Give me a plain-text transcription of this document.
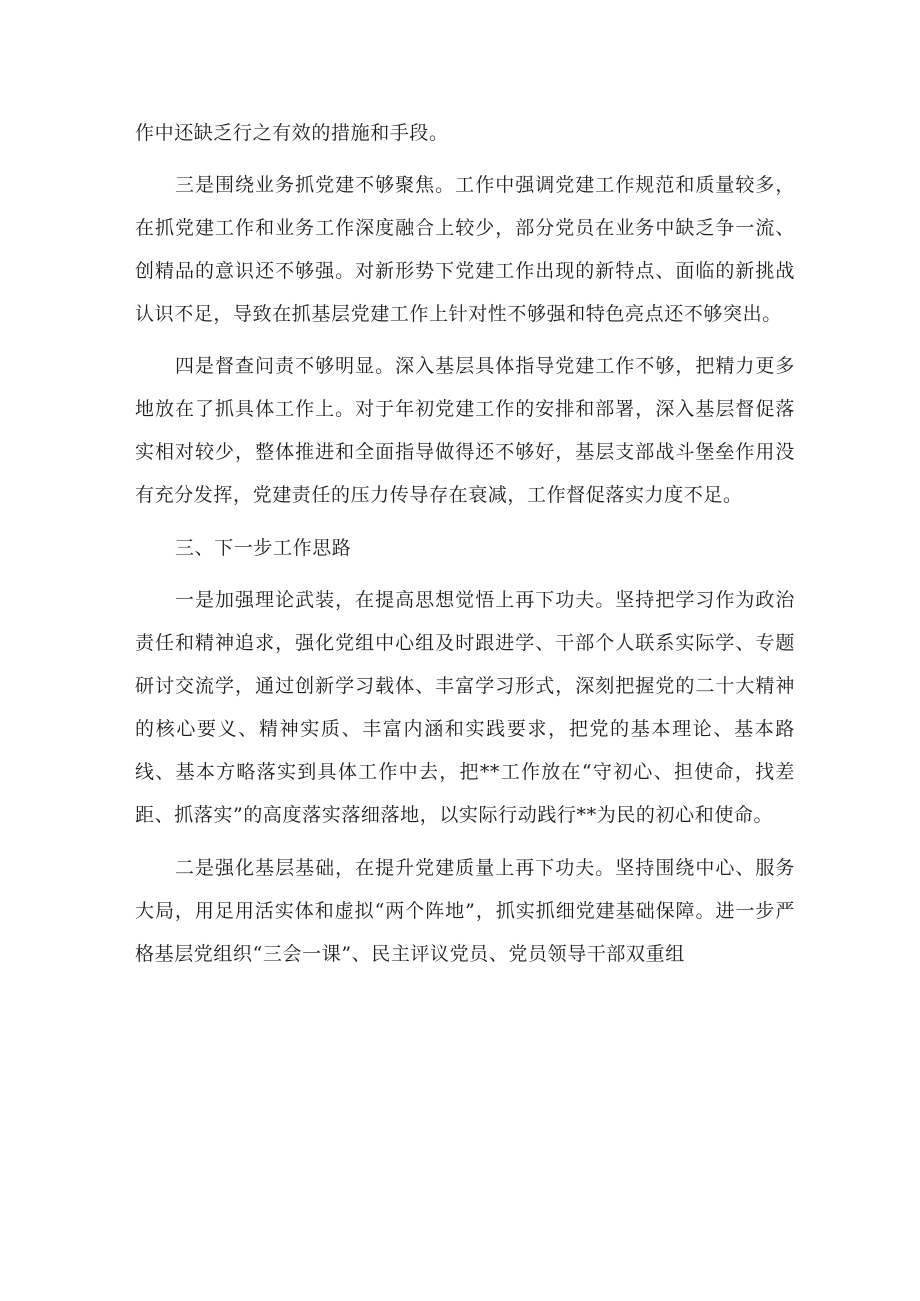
作中还缺乏行之有效的措施和手段。

三是围绕业务抓党建不够聚焦。工作中强调党建工作规范和质量较多，在抓党建工作和业务工作深度融合上较少，部分党员在业务中缺乏争一流、创精品的意识还不够强。对新形势下党建工作出现的新特点、面临的新挑战认识不足，导致在抓基层党建工作上针对性不够强和特色亮点还不够突出。

四是督查问责不够明显。深入基层具体指导党建工作不够，把精力更多地放在了抓具体工作上。对于年初党建工作的安排和部署，深入基层督促落实相对较少，整体推进和全面指导做得还不够好，基层支部战斗堡垒作用没有充分发挥，党建责任的压力传导存在衰减，工作督促落实力度不足。

三、下一步工作思路

一是加强理论武装，在提高思想觉悟上再下功夫。坚持把学习作为政治责任和精神追求，强化党组中心组及时跟进学、干部个人联系实际学、专题研讨交流学，通过创新学习载体、丰富学习形式，深刻把握党的二十大精神的核心要义、精神实质、丰富内涵和实践要求，把党的基本理论、基本路线、基本方略落实到具体工作中去，把**工作放在“守初心、担使命，找差距、抓落实”的高度落实落细落地，以实际行动践行**为民的初心和使命。

二是强化基层基础，在提升党建质量上再下功夫。坚持围绕中心、服务大局，用足用活实体和虚拟“两个阵地”，抓实抓细党建基础保障。进一步严格基层党组织“三会一课”、民主评议党员、党员领导干部双重组
